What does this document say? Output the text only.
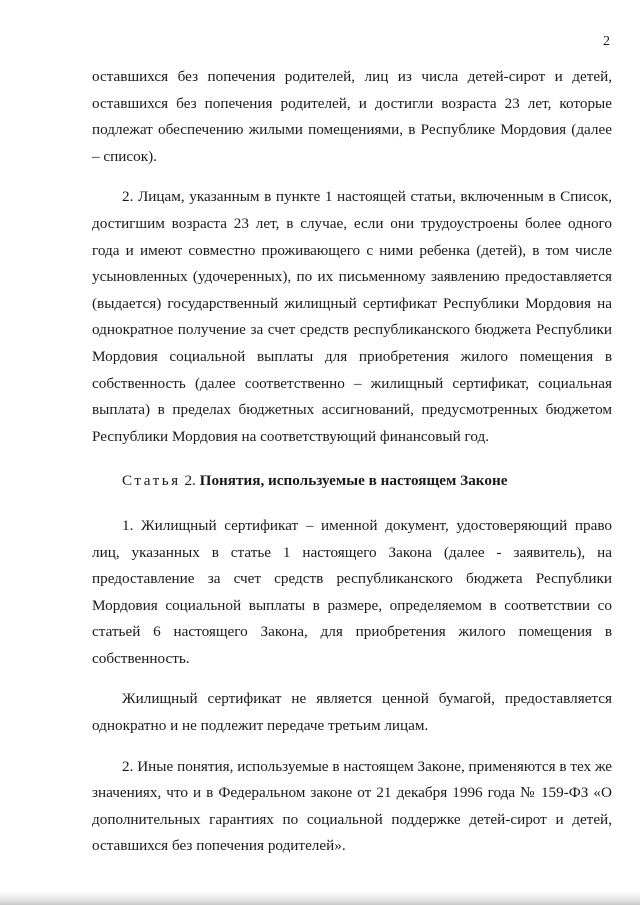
2

оставшихся без попечения родителей, лиц из числа детей-сирот и детей, оставшихся без попечения родителей, и достигли возраста 23 лет, которые подлежат обеспечению жилыми помещениями, в Республике Мордовия (далее – список).

2. Лицам, указанным в пункте 1 настоящей статьи, включенным в Список, достигшим возраста 23 лет, в случае, если они трудоустроены более одного года и имеют совместно проживающего с ними ребенка (детей), в том числе усыновленных (удочеренных), по их письменному заявлению предоставляется (выдается) государственный жилищный сертификат Республики Мордовия на однократное получение за счет средств республиканского бюджета Республики Мордовия социальной выплаты для приобретения жилого помещения в собственность (далее соответственно – жилищный сертификат, социальная выплата) в пределах бюджетных ассигнований, предусмотренных бюджетом Республики Мордовия на соответствующий финансовый год.

Статья 2. Понятия, используемые в настоящем Законе

1. Жилищный сертификат – именной документ, удостоверяющий право лиц, указанных в статье 1 настоящего Закона (далее - заявитель), на предоставление за счет средств республиканского бюджета Республики Мордовия социальной выплаты в размере, определяемом в соответствии со статьей 6 настоящего Закона, для приобретения жилого помещения в собственность.

Жилищный сертификат не является ценной бумагой, предоставляется однократно и не подлежит передаче третьим лицам.

2. Иные понятия, используемые в настоящем Законе, применяются в тех же значениях, что и в Федеральном законе от 21 декабря 1996 года № 159-ФЗ «О дополнительных гарантиях по социальной поддержке детей-сирот и детей, оставшихся без попечения родителей».
